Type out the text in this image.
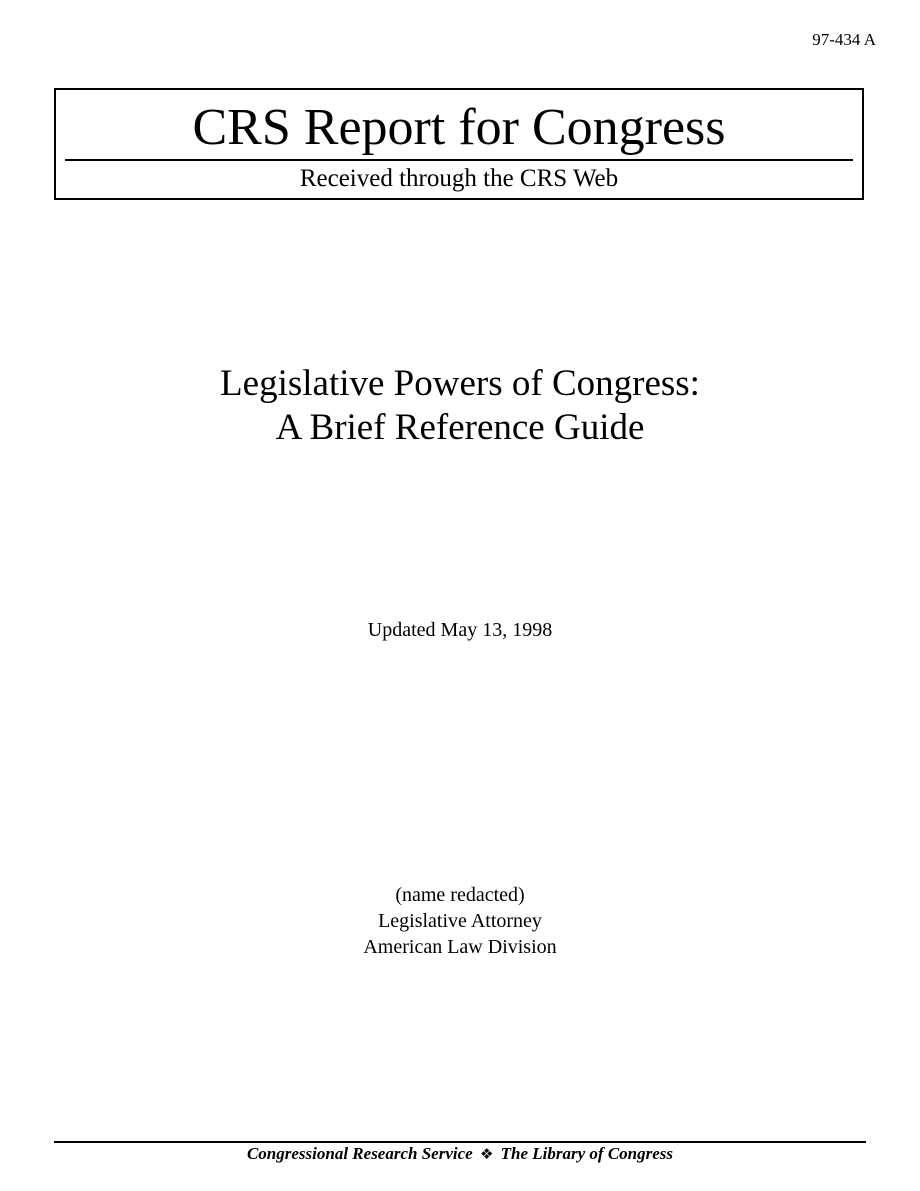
97-434 A
CRS Report for Congress
Received through the CRS Web
Legislative Powers of Congress:
A Brief Reference Guide
Updated May 13, 1998
(name redacted)
Legislative Attorney
American Law Division
Congressional Research Service ❖ The Library of Congress
